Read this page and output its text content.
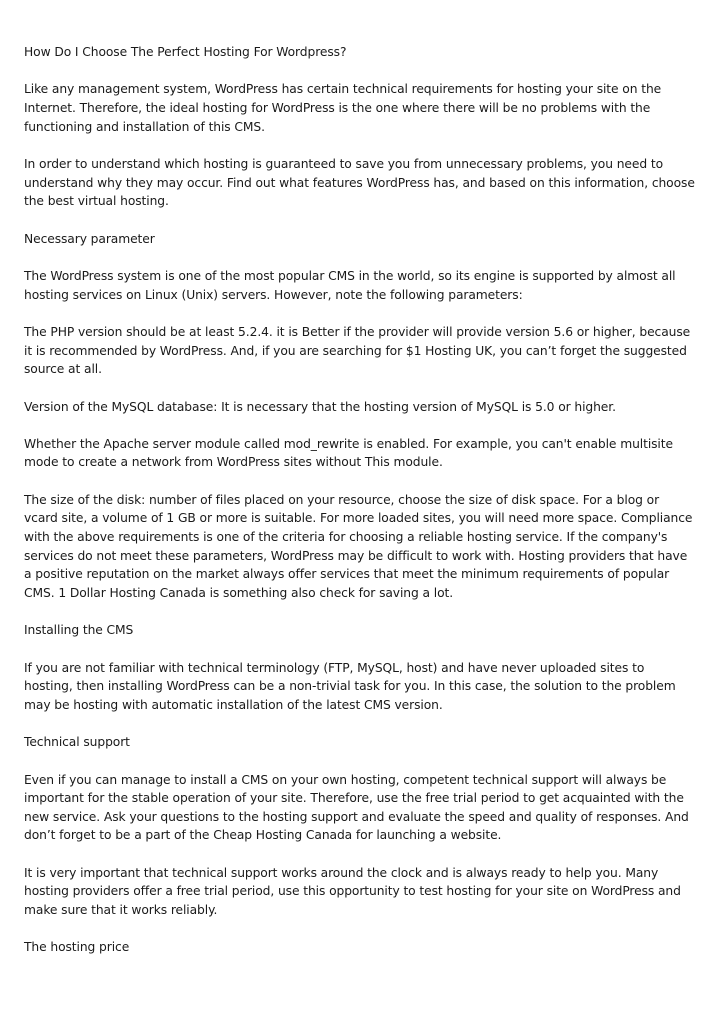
How Do I Choose The Perfect Hosting For Wordpress?

Like any management system, WordPress has certain technical requirements for hosting your site on the Internet. Therefore, the ideal hosting for WordPress is the one where there will be no problems with the functioning and installation of this CMS.

In order to understand which hosting is guaranteed to save you from unnecessary problems, you need to understand why they may occur. Find out what features WordPress has, and based on this information, choose the best virtual hosting.

Necessary parameter

The WordPress system is one of the most popular CMS in the world, so its engine is supported by almost all hosting services on Linux (Unix) servers. However, note the following parameters:

The PHP version should be at least 5.2.4. it is Better if the provider will provide version 5.6 or higher, because it is recommended by WordPress. And, if you are searching for $1 Hosting UK, you can’t forget the suggested source at all.

Version of the MySQL database: It is necessary that the hosting version of MySQL is 5.0 or higher.

Whether the Apache server module called mod_rewrite is enabled. For example, you can't enable multisite mode to create a network from WordPress sites without This module.

The size of the disk: number of files placed on your resource, choose the size of disk space. For a blog or vcard site, a volume of 1 GB or more is suitable. For more loaded sites, you will need more space. Compliance with the above requirements is one of the criteria for choosing a reliable hosting service. If the company's services do not meet these parameters, WordPress may be difficult to work with. Hosting providers that have a positive reputation on the market always offer services that meet the minimum requirements of popular CMS. 1 Dollar Hosting Canada is something also check for saving a lot.

Installing the CMS

If you are not familiar with technical terminology (FTP, MySQL, host) and have never uploaded sites to hosting, then installing WordPress can be a non-trivial task for you. In this case, the solution to the problem may be hosting with automatic installation of the latest CMS version.

Technical support

Even if you can manage to install a CMS on your own hosting, competent technical support will always be important for the stable operation of your site. Therefore, use the free trial period to get acquainted with the new service. Ask your questions to the hosting support and evaluate the speed and quality of responses. And don’t forget to be a part of the Cheap Hosting Canada for launching a website.

It is very important that technical support works around the clock and is always ready to help you. Many hosting providers offer a free trial period, use this opportunity to test hosting for your site on WordPress and make sure that it works reliably.

The hosting price
